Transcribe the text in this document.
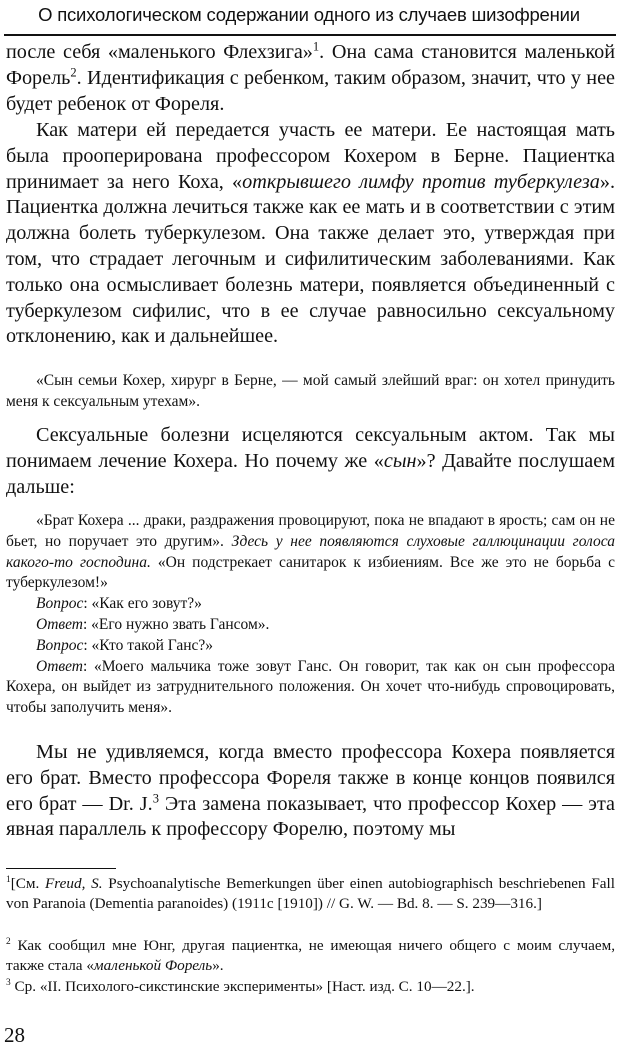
О психологическом содержании одного из случаев шизофрении

после себя «маленького Флехзига»$^1$. Она сама становится маленькой Форель$^2$. Идентификация с ребенком, таким образом, значит, что у нее будет ребенок от Фореля.

Как матери ей передается участь ее матери. Ее настоящая мать была прооперирована профессором Кохером в Берне. Пациентка принимает за него Коха, «открывшего лимфу против туберкулеза». Пациентка должна лечиться также как ее мать и в соответствии с этим должна болеть туберкулезом. Она также делает это, утверждая при том, что страдает легочным и сифилитическим заболеваниями. Как только она осмысливает болезнь матери, появляется объединенный с туберкулезом сифилис, что в ее случае равносильно сексуальному отклонению, как и дальнейшее.

«Сын семьи Кохер, хирург в Берне, — мой самый злейший враг: он хотел принудить меня к сексуальным утехам».

Сексуальные болезни исцеляются сексуальным актом. Так мы понимаем лечение Кохера. Но почему же «сын»? Давайте послушаем дальше:

«Брат Кохера ... драки, раздражения провоцируют, пока не впадают в ярость; сам он не бьет, но поручает это другим». Здесь у нее появляются слуховые галлюцинации голоса какого-то господина. «Он подстрекает санитарок к избиениям. Все же это не борьба с туберкулезом!»
Вопрос: «Как его зовут?»
Ответ: «Его нужно звать Гансом».
Вопрос: «Кто такой Ганс?»
Ответ: «Моего мальчика тоже зовут Ганс. Он говорит, так как он сын профессора Кохера, он выйдет из затруднительного положения. Он хочет что-нибудь спровоцировать, чтобы заполучить меня».

Мы не удивляемся, когда вместо профессора Кохера появляется его брат. Вместо профессора Фореля также в конце концов появился его брат — Dr. J.$^3$ Эта замена показывает, что профессор Кохер — эта явная параллель к профессору Форелю, поэтому мы

$^1$[См. Freud, S. Psychoanalytische Bemerkungen über einen autobiographisch beschriebenen Fall von Paranoia (Dementia paranoides) (1911c [1910]) // G. W. — Bd. 8. — S. 239—316.]

$^2$ Как сообщил мне Юнг, другая пациентка, не имеющая ничего общего с моим случаем, также стала «маленькой Форель».

$^3$ Ср. «II. Психолого-сикстинские эксперименты» [Наст. изд. С. 10—22.].

28
